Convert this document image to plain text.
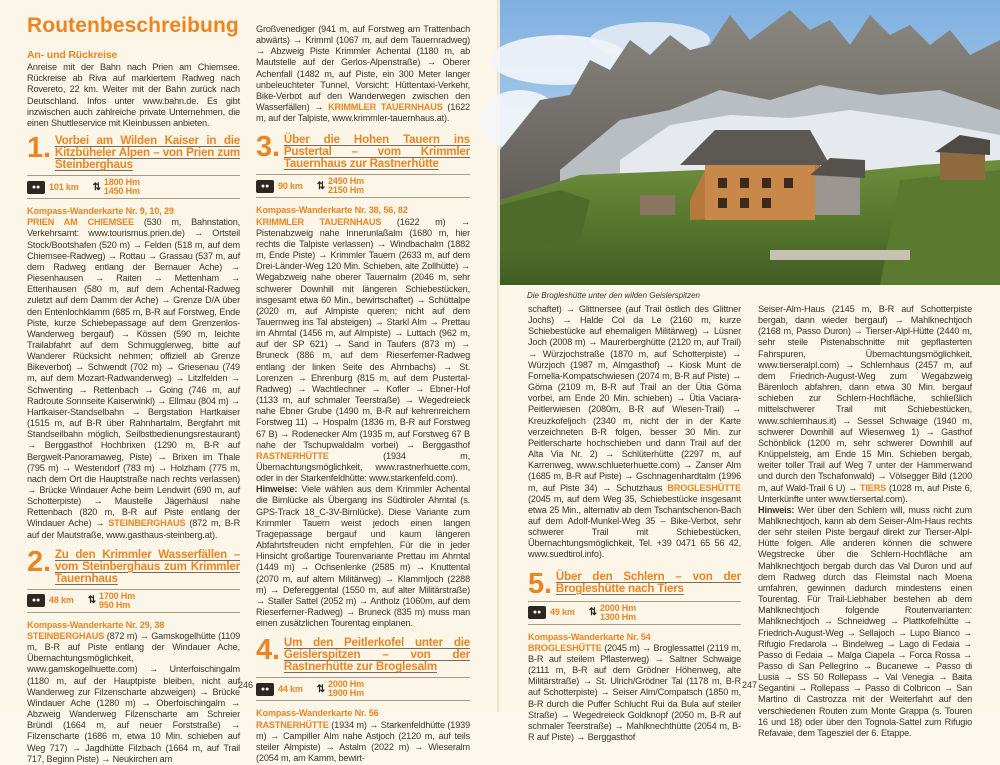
Routenbeschreibung
An- und Rückreise

Anreise mit der Bahn nach Prien am Chiemsee. Rückreise ab Riva auf markiertem Radweg nach Rovereto, 22 km. Weiter mit der Bahn zurück nach Deutschland. Infos unter www.bahn.de. Es gibt inzwischen auch zahlreiche private Unternehmen, die einen Shuttleservice mit Kleinbussen anbieten.

1. Vorbei am Wilden Kaiser in die Kitzbüheler Alpen – von Prien zum Steinberghaus
●● 101 km ⇅ 1800 Hm
1450 Hm
Kompass-Wanderkarte Nr. 9, 10, 29

PRIEN AM CHIEMSEE (530 m, Bahnstation, Verkehrsamt: www.tourismus.prien.de) → Ortsteil Stock/Bootshafen (520 m) → Felden (518 m, auf dem Chiemsee-Radweg) → Rottau → Grassau (537 m, auf dem Radweg entlang der Bernauer Ache) → Piesenhausen → Raiten → Mettenham → Ettenhausen (580 m, auf dem Achental-Radweg zuletzt auf dem Damm der Ache) → Grenze D/A über den Entenlochklamm (685 m, B-R auf Forstweg, Ende Piste, kurze Schiebepassage auf dem Grenzenlos-Wanderweg bergauf) → Kössen (590 m, leichte Trailabfahrt auf dem Schmugglerweg, bitte auf Wanderer Rücksicht nehmen; offiziell ab Grenze Bikeverbot) → Schwendt (702 m) → Griesenau (749 m, auf dem Mozart-Radwanderweg) → Litzlfelden → Schwenting → Rettenbach → Going (746 m, auf Radroute Sonnseite Kaiserwinkl) → Ellmau (804 m) → Hartkaiser-Standselbahn → Bergstation Hartkaiser (1515 m, auf B-R über Rahnhartalm, Bergfahrt mit Standseilbahn möglich, Seilbstbedienungsrestaurant) → Berggasthof Hochbrixen (1290 m, B-R auf Bergwelt-Panoramaweg, Piste) → Brixen im Thale (795 m) → Westendorf (783 m) → Holzham (775 m, nach dem Ort die Hauptstraße nach rechts verlassen) → Brücke Windauer Ache beim Lendwirt (690 m, auf Schotterpiste) → Maustelle Jägerhäusl nahe Rettenbach (820 m, B-R auf Piste entlang der Windauer Ache) → STEINBERGHAUS (872 m, B-R auf der Mautstraße, www.gasthaus-steinberg.at).

2. Zu den Krimmler Wasserfällen – vom Steinberghaus zum Krimmler Tauernhaus
●● 48 km ⇅ 1700 Hm
950 Hm
Kompass-Wanderkarte Nr. 29, 38

STEINBERGHAUS (872 m) → Gamskogelhütte (1109 m, B-R auf Piste entlang der Windauer Ache, Übernachtungsmöglichkeit, www.gamskogelhuette.com) → Unterfoischingalm (1180 m, auf der Hauptpiste bleiben, nicht auf Wanderweg zur Filzenscharte abzweigen) → Brücke Windauer Ache (1280 m) → Oberfoischingalm → Abzweig Wanderweg Filzenscharte am Schreier Bründl (1664 m, auf neuer Forststraße) → Filzenscharte (1686 m, etwa 10 Min. schieben auf Weg 717) → Jagdhütte Filzbach (1664 m, auf Trail 717, Beginn Piste) → Neukirchen am

Großvenediger (941 m, auf Forstweg am Trattenbach abwärts) → Krimml (1067 m, auf dem Tauernradweg) → Abzweig Piste Krimmler Achental (1180 m, ab Mautstelle auf der Gerlos-Alpenstraße) → Oberer Achenfall (1482 m, auf Piste, ein 300 Meter langer unbeleuchteter Tunnel, Vorsicht: Hüttentaxi-Verkehr, Bike-Verbot auf den Wanderwegen zwischen den Wasserfällen) → KRIMMLER TAUERNHAUS (1622 m, auf der Talpiste, www.krimmler-tauernhaus.at).

3. Über die Hohen Tauern ins Pustertal – vom Krimmler Tauernhaus zur Rastnerhütte
●● 90 km ⇅ 2450 Hm
2150 Hm
Kompass-Wanderkarte Nr. 38, 56, 82

KRIMMLER TAUERNHAUS (1622 m) → Pistenabzweig nahe Innerunlaßalm (1680 m, hier rechts die Talpiste verlassen) → Windbachalm (1882 m, Ende Piste) → Krimmler Tauern (2633 m, auf dem Drei-Länder-Weg 120 Min. Schieben, alte Zollhütte) → Wegabzweig nahe oberer Tauernalm (2046 m, sehr schwerer Downhill mit längeren Schiebestücken, insgesamt etwa 60 Min., bewirtschaftet) → Schüttalpe (2020 m, auf Almpiste queren; nicht auf dem Tauernweg ins Tal absteigen) → Starkl Alm → Prettau im Ahrntal (1456 m, auf Almpiste) → Luttach (962 m, auf der SP 621) → Sand in Taufers (873 m) → Bruneck (886 m, auf dem Rieserferner-Radweg entlang der linken Seite des Ahrnbachs) → St. Lorenzen → Ehrenburg (815 m, auf dem Pustertal-Radweg) → Wachtlechner → Kofler → Ebner-Hof (1133 m, auf schmaler Teerstraße) → Wegedreieck nahe Ebner Grube (1490 m, B-R auf kehrenreichem Forstweg 11) → Hospalm (1836 m, B-R auf Forstweg 67 B) → Rodenecker Alm (1935 m, auf Forstweg 67 B nahe der Tschupwaldalm vorbei) → Berggasthof RASTNERHÜTTE	(1934 m, Übernachtungsmöglichkeit, www.rastnerhuette.com, oder in der Starkenfeldhütte: www.starkenfeld.com).

Hinweise: Viele wählen aus dem Krimmler Achental die Birnlücke als Übergang ins Südtiroler Ahrntal (s. GPS-Track 18_C-3V-Birnlücke). Diese Variante zum Krimmler Tauern weist jedoch einen langen Tragepassage bergauf und kaum längeren Abfahrtsfreuden nicht empfehlen. Für die in jeder Hinsicht großartige Tourenvariante Prettau im Ahrntal (1449 m) → Ochsenlenke (2585 m) → Knuttental (2070 m, auf altem Militärweg) → Klammljoch (2288 m) → Defereggental (1550 m, auf alter Militärstraße) → Staller Sattel (2052 m) → Antholz (1060m, auf dem Rieserferner-Radweg) → Bruneck (835 m) muss man einen zusätzlichen Tourentag einplanen.

4. Um den Peitlerkofel unter die Geislerspitzen – von der Rastnerhütte zur Broglesalm
●● 44 km ⇅ 2000 Hm
1900 Hm
Kompass-Wanderkarte Nr. 56

RASTNERHÜTTE (1934 m) → Starkenfeldhütte (1939 m) → Campiller Alm nahe Astjoch (2120 m, auf teils steiler Almpiste) → Astalm (2022 m) → Wieseralm (2054 m, am Kamm, bewirt-

246
Die Brogleshütte unter den wilden Geislerspitzen

schaftet) → Glittnerseе (auf Trail östlich des Glittner Jochs) → Halde Col da Le (2160 m, kurze Schiebestücke auf ehemaligen Militärweg) → Lüsner Joch (2008 m) → Maurerberghütte (2120 m, auf Trail) → Würzjochstraße (1870 m, auf Schotterpiste) → Würzjoch (1987 m, Almgasthof) → Kiosk Munt de Fornella-Kompatschwiesen (2074 m, B-R auf Piste) → Göma (2109 m, B-R auf Trail an der Ütia Göma vorbei, am Ende 20 Min. schieben) → Ütia Vaciara-Peitlerwiesen (2080m, B-R auf Wiesen-Trail) → Kreuzkofeljoch (2340 m, nicht der in der Karte verzeichneten B-R folgen, besser 30 Min. zur Peitlerscharte hochschieben und dann Trail auf der Alta Via Nr. 2) → Schlüterhütte (2297 m, auf Karrenweg, www.schlueterhuette.com) → Zanser Alm (1685 m, B-R auf Piste) → Gschnagenhardtalm (1996 m, auf Piste 34) → Schutzhaus BROGLESHÜTTE (2045 m, auf dem Weg 35, Schiebestücke insgesamt etwa 25 Min., alternativ ab dem Tschantschenon-Bach auf dem Adolf-Munkel-Weg 35 – Bike-Verbot, sehr schwerer Trail mit Schiebestücken, Übernachtungsmöglichkeit, Tel. +39 0471 65 56 42, www.suedtirol.info).

5. Über den Schlern – von der Brogleshütte nach Tiers
●● 49 km ⇅ 2000 Hm
1300 Hm
Kompass-Wanderkarte Nr. 54

BROGLESHÜTTE (2045 m) → Broglessattel (2119 m, B-R auf steilem Pflasterweg) → Saltner Schwaige (2111 m, B-R auf dem Grödner Höhenweg, alte Militärstraße) → St. Ulrich/Grödner Tal (1178 m, B-R auf Schotterpiste) → Seiser Alm/Compatsch (1850 m, B-R durch die Puffer Schlucht Rui da Bula auf steiler Straße) → Wegedreieck Goldknopf (2050 m, B-R auf schmaler Teerstraße) → Mahlknechthütte (2054 m, B-R auf Piste) → Berggasthof

Seiser-Alm-Haus (2145 m, B-R auf Schotterpiste bergab, dann wieder bergauf) → Mahlknechtjoch (2168 m, Passo Duron) → Tierser-Alpl-Hütte (2440 m, sehr steile Pistenabschnitte mit gepflasterten Fahrspuren, Übernachtungsmöglichkeit, www.tierseralpl.com) → Schlernhaus (2457 m, auf dem Friedrich-August-Weg zum Wegabzweig Bärenloch abfahren, dann etwa 30 Min. bergauf schieben zur Schlern-Hochfläche, schließlich mittelschwerer Trail mit Schiebestücken, www.schlernhaus.it) → Sessel Schwaige (1940 m, schwerer Downhill auf Wiesenweg 1) → Gasthof Schönblick (1200 m, sehr schwerer Downhill auf Knüppelsteig, am Ende 15 Min. Schieben bergab, weiter toller Trail auf Weg 7 unter der Hammerwand und durch den Tschafonwald) → Völsegger Bild (1200 m, auf Wald-Trail 6 U) → TIERS (1028 m, auf Piste 6, Unterkünfte unter www.tiersertal.com).

Hinweis: Wer über den Schlern will, muss nicht zum Mahlknechtjoch, kann ab dem Seiser-Alm-Haus rechts der sehr steilen Piste bergauf direkt zur Tierser-Alpl-Hütte folgen. Alle anderen können die schwere Wegstrecke über die Schlern-Hochfläche am Mahlknechtjoch bergab durch das Val Duron und auf dem Radweg durch das Fleimstal nach Moena umfahren, gewinnen dadurch mindestens einen Tourentag. Für Trail-Liebhaber bestehen ab dem Mahlknechtjoch folgende Routenvarianten: Mahlknechtjoch → Schneidweg → Plattkofelhütte → Friedrich-August-Weg → Sellajoch → Lupo Bianco → Rifugio Fredarola → Bindelweg → Lago di Fedaia → Passo di Fedaia → Malga Ciapela → Forca Rossa → Passo di San Pellegrino → Bucanewe → Passo di Lusia → SS 50 Rollepass → Val Venegia → Baita Segantini → Rollepass → Passo di Colbricon → San Martino di Castrozza mit der Weiterfahrt auf den verschiedenen Routen zum Monte Grappa (s. Touren 16 und 18) oder über den Tognola-Sattel zum Rifugio Refavaie, dem Tagesziel der 6. Etappe.

247
